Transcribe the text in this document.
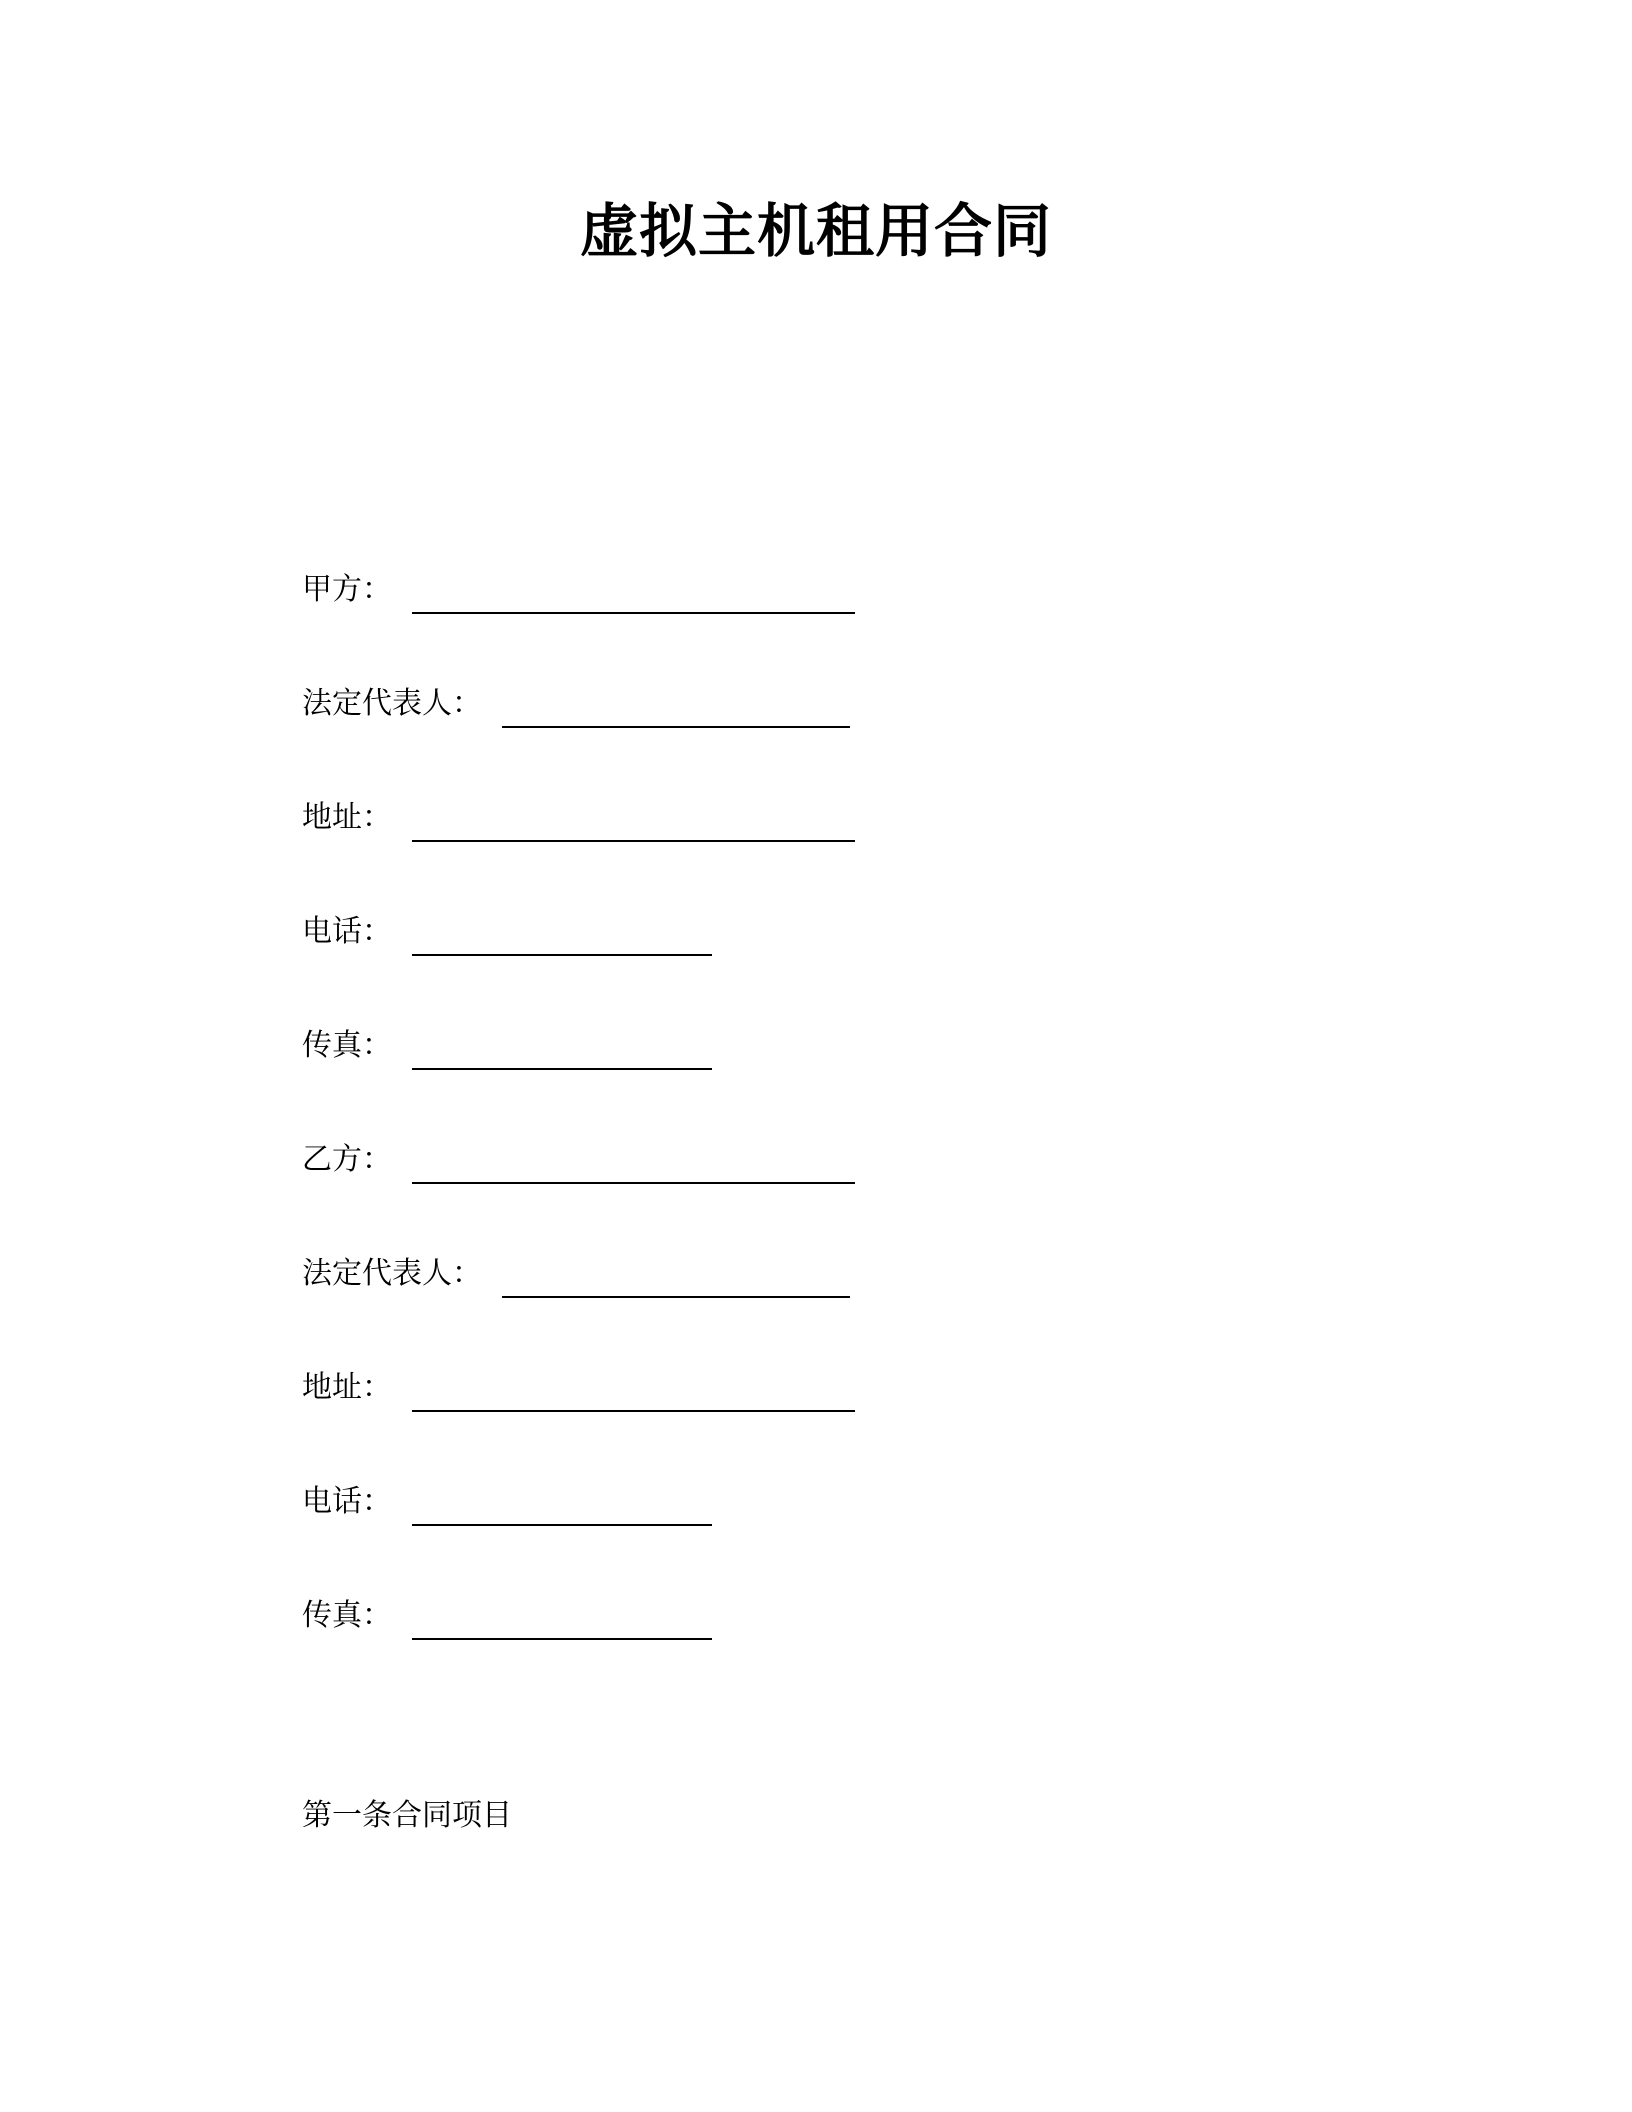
虚拟主机租用合同
甲方：
法定代表人：
地址：
电话：
传真：
乙方：
法定代表人：
地址：
电话：
传真：
第一条合同项目
